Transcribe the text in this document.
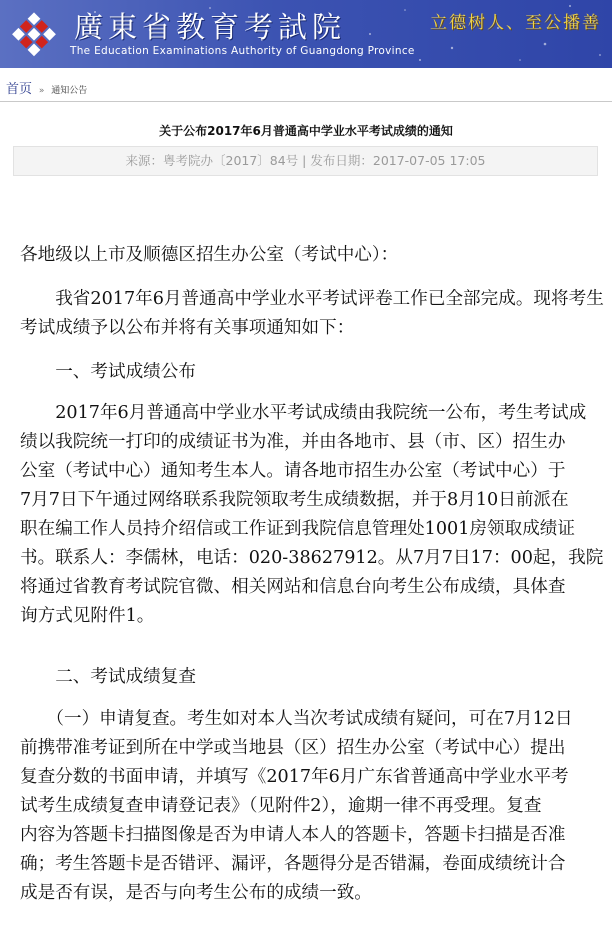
廣東省教育考試院
The Education Examinations Authority of Guangdong Province
立德树人、至公播善
首页 » 通知公告
关于公布2017年6月普通高中学业水平考试成绩的通知
来源：粤考院办〔2017〕84号 | 发布日期：2017-07-05 17:05
各地级以上市及顺德区招生办公室（考试中心）：
　　我省2017年6月普通高中学业水平考试评卷工作已全部完成。现将考生
考试成绩予以公布并将有关事项通知如下：
　　一、考试成绩公布
　　2017年6月普通高中学业水平考试成绩由我院统一公布，考生考试成
绩以我院统一打印的成绩证书为准，并由各地市、县（市、区）招生办
公室（考试中心）通知考生本人。请各地市招生办公室（考试中心）于
7月7日下午通过网络联系我院领取考生成绩数据，并于8月10日前派在
职在编工作人员持介绍信或工作证到我院信息管理处1001房领取成绩证
书。联系人：李儒林，电话：020-38627912。从7月7日17：00起，我院
将通过省教育考试院官微、相关网站和信息台向考生公布成绩，具体查
询方式见附件1。
　　二、考试成绩复查
　　（一）申请复查。考生如对本人当次考试成绩有疑问，可在7月12日
前携带准考证到所在中学或当地县（区）招生办公室（考试中心）提出
复查分数的书面申请，并填写《2017年6月广东省普通高中学业水平考
试考生成绩复查申请登记表》（见附件2），逾期一律不再受理。复查
内容为答题卡扫描图像是否为申请人本人的答题卡，答题卡扫描是否准
确；考生答题卡是否错评、漏评，各题得分是否错漏，卷面成绩统计合
成是否有误，是否与向考生公布的成绩一致。
